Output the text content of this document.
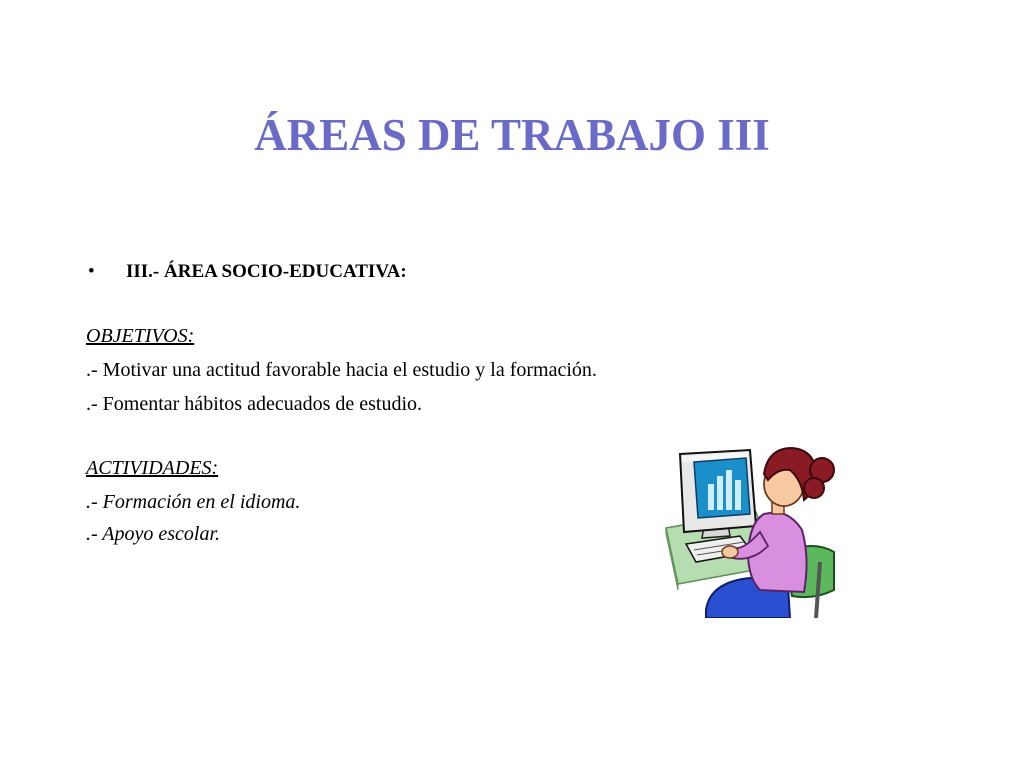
ÁREAS DE TRABAJO III
• III.- ÁREA SOCIO-EDUCATIVA:
OBJETIVOS:
.- Motivar una actitud favorable hacia el estudio y la formación.
.- Fomentar hábitos adecuados de estudio.
ACTIVIDADES:
.- Formación en el idioma.
.- Apoyo escolar.
